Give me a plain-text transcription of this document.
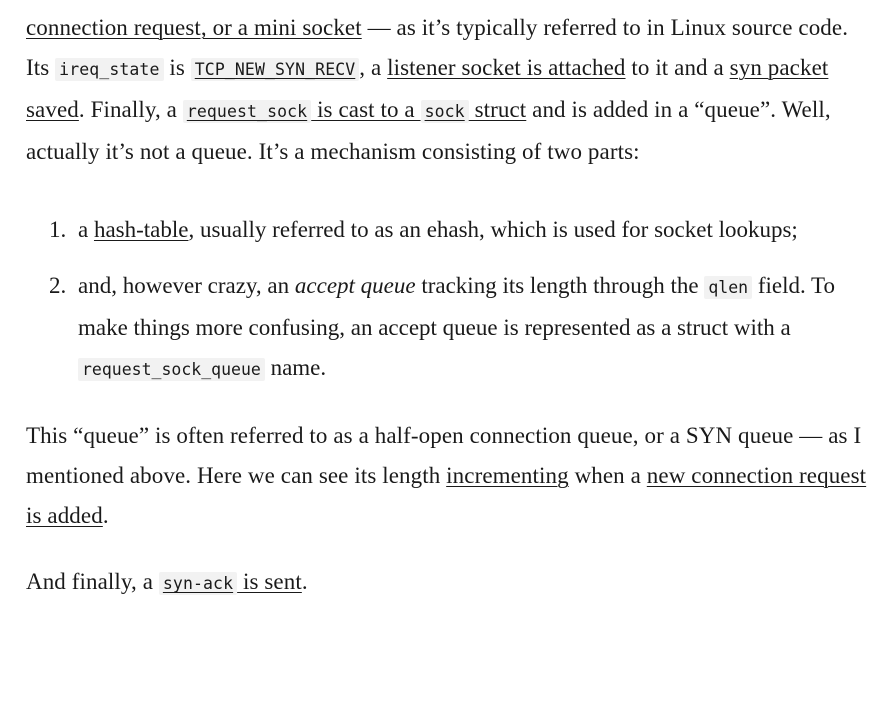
connection request, or a mini socket — as it’s typically referred to in Linux source code. Its ireq_state is TCP_NEW_SYN_RECV , a listener socket is attached to it and a syn packet saved. Finally, a request_sock is cast to a sock struct and is added in a “queue”. Well, actually it’s not a queue. It’s a mechanism consisting of two parts:

1. a hash-table, usually referred to as an ehash, which is used for socket lookups;
2. and, however crazy, an accept queue tracking its length through the qlen field. To make things more confusing, an accept queue is represented as a struct with a request_sock_queue name.

This “queue” is often referred to as a half-open connection queue, or a SYN queue — as I mentioned above. Here we can see its length incrementing when a new connection request is added.

And finally, a syn-ack is sent.
